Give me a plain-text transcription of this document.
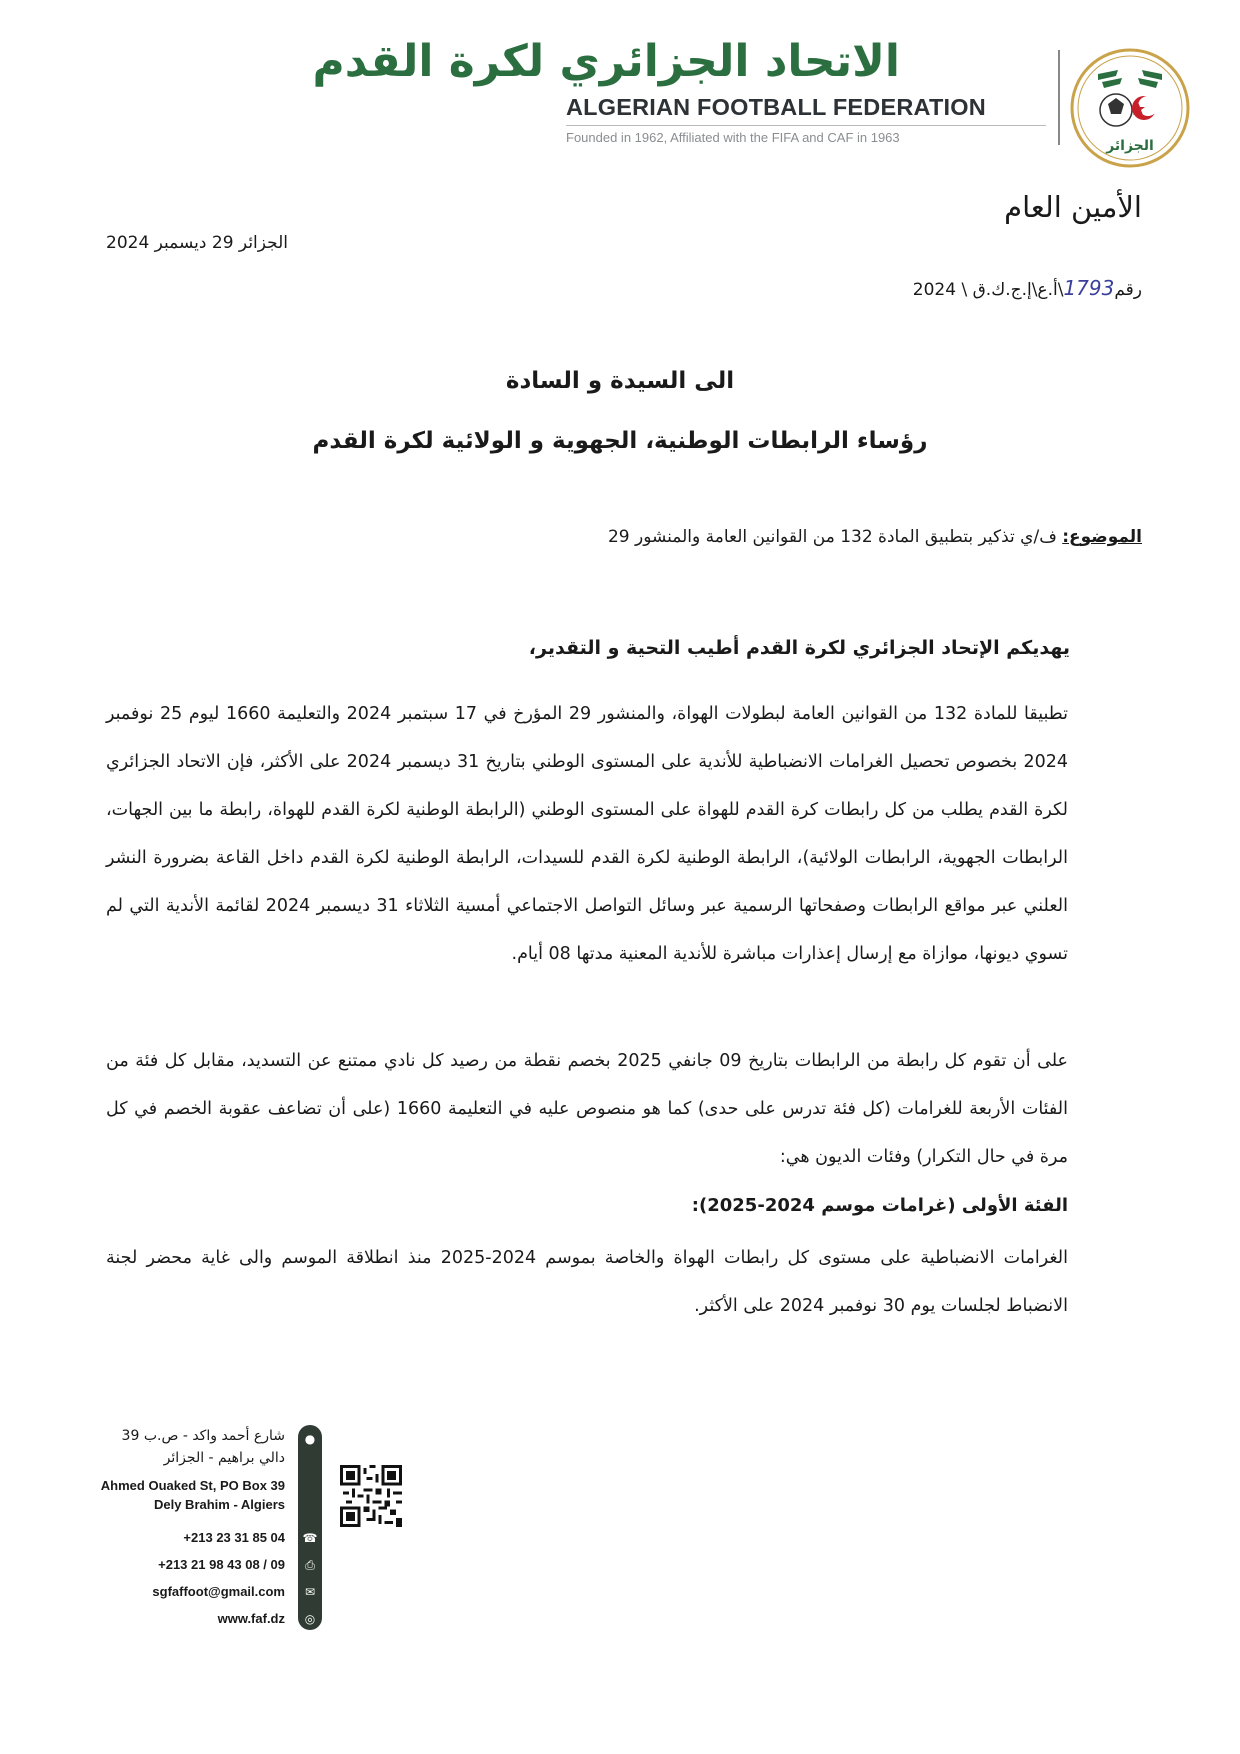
الاتحاد الجزائري لكرة القدم
ALGERIAN FOOTBALL FEDERATION
Founded in 1962, Affiliated with the FIFA and CAF in 1963
الجزائر
الأمين العام
الجزائر 29 ديسمبر 2024
رقم1793\أ.ع\إ.ج.ك.ق \ 2024
الى السيدة و السادة
رؤساء الرابطات الوطنية، الجهوية و الولائية لكرة القدم
الموضوع: ف/ي تذكير بتطبيق المادة 132 من القوانين العامة والمنشور 29
يهديكم الإتحاد الجزائري لكرة القدم أطيب التحية و التقدير،
تطبيقا للمادة 132 من القوانين العامة لبطولات الهواة، والمنشور 29 المؤرخ في 17 سبتمبر 2024 والتعليمة 1660 ليوم 25 نوفمبر 2024 بخصوص تحصيل الغرامات الانضباطية للأندية على المستوى الوطني بتاريخ 31 ديسمبر 2024 على الأكثر، فإن الاتحاد الجزائري لكرة القدم يطلب من كل رابطات كرة القدم للهواة على المستوى الوطني (الرابطة الوطنية لكرة القدم للهواة، رابطة ما بين الجهات، الرابطات الجهوية، الرابطات الولائية)، الرابطة الوطنية لكرة القدم للسيدات، الرابطة الوطنية لكرة القدم داخل القاعة بضرورة النشر العلني عبر مواقع الرابطات وصفحاتها الرسمية عبر وسائل التواصل الاجتماعي أمسية الثلاثاء 31 ديسمبر 2024 لقائمة الأندية التي لم تسوي ديونها، موازاة مع إرسال إعذارات مباشرة للأندية المعنية مدتها 08 أيام.
على أن تقوم كل رابطة من الرابطات بتاريخ 09 جانفي 2025 بخصم نقطة من رصيد كل نادي ممتنع عن التسديد، مقابل كل فئة من الفئات الأربعة للغرامات (كل فئة تدرس على حدى) كما هو منصوص عليه في التعليمة 1660 (على أن تضاعف عقوبة الخصم في كل مرة في حال التكرار) وفئات الديون هي:
الفئة الأولى (غرامات موسم 2024-2025):
الغرامات الانضباطية على مستوى كل رابطات الهواة والخاصة بموسم 2024-2025 منذ انطلاقة الموسم والى غاية محضر لجنة الانضباط لجلسات يوم 30 نوفمبر 2024 على الأكثر.
●
☎
⎙
✉
◎
شارع أحمد واكد - ص.ب 39
دالي براهيم - الجزائر
Ahmed Ouaked St, PO Box 39
Dely Brahim - Algiers
+213 23 31 85 04
+213 21 98 43 08 / 09
sgfaffoot@gmail.com
www.faf.dz
